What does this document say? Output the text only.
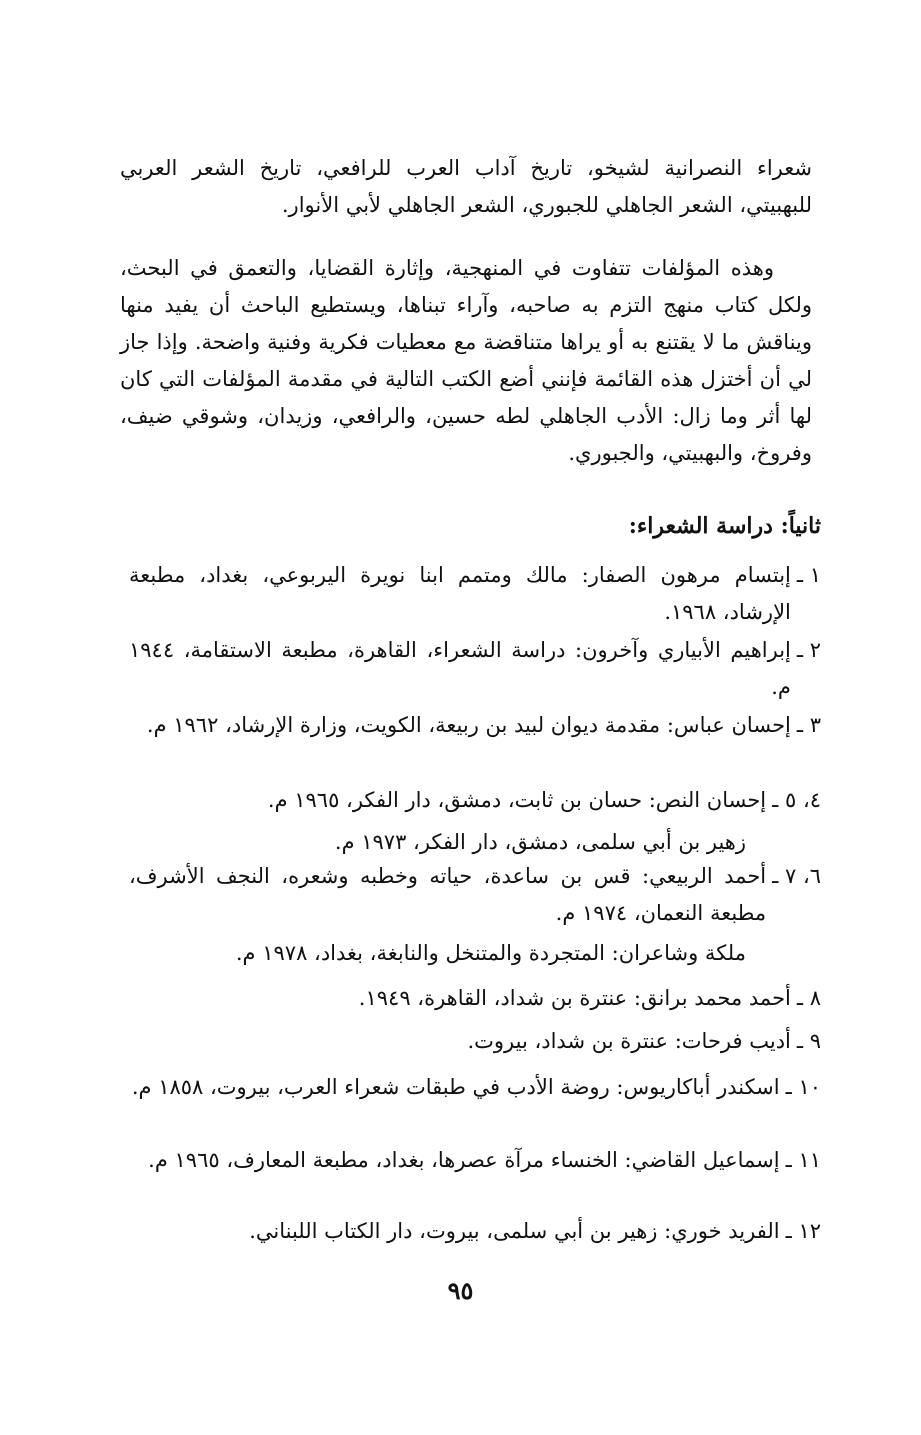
شعراء النصرانية لشيخو، تاريخ آداب العرب للرافعي، تاريخ الشعر العربي للبهبيتي، الشعر الجاهلي للجبوري، الشعر الجاهلي لأبي الأنوار.

وهذه المؤلفات تتفاوت في المنهجية، وإثارة القضايا، والتعمق في البحث، ولكل كتاب منهج التزم به صاحبه، وآراء تبناها، ويستطيع الباحث أن يفيد منها ويناقش ما لا يقتنع به أو يراها متناقضة مع معطيات فكرية وفنية واضحة. وإذا جاز لي أن أختزل هذه القائمة فإنني أضع الكتب التالية في مقدمة المؤلفات التي كان لها أثر وما زال: الأدب الجاهلي لطه حسين، والرافعي، وزيدان، وشوقي ضيف، وفروخ، والبهبيتي، والجبوري.

ثانياً: دراسة الشعراء:

١ ـ
إبتسام مرهون الصفار: مالك ومتمم ابنا نويرة اليربوعي، بغداد، مطبعة الإرشاد، ١٩٦٨.
٢ ـ
إبراهيم الأبياري وآخرون: دراسة الشعراء، القاهرة، مطبعة الاستقامة، ١٩٤٤ م.
٣ ـ
إحسان عباس: مقدمة ديوان لبيد بن ربيعة، الكويت، وزارة الإرشاد، ١٩٦٢ م.
٤، ٥ ـ
إحسان النص: حسان بن ثابت، دمشق، دار الفكر، ١٩٦٥ م.
زهير بن أبي سلمى، دمشق، دار الفكر، ١٩٧٣ م.
٦، ٧ ـ
أحمد الربيعي: قس بن ساعدة، حياته وخطبه وشعره، النجف الأشرف، مطبعة النعمان، ١٩٧٤ م.
ملكة وشاعران: المتجردة والمتنخل والنابغة، بغداد، ١٩٧٨ م.
٨ ـ
أحمد محمد برانق: عنترة بن شداد، القاهرة، ١٩٤٩.
٩ ـ
أديب فرحات: عنترة بن شداد، بيروت.
١٠ ـ
اسكندر أباكاريوس: روضة الأدب في طبقات شعراء العرب، بيروت، ١٨٥٨ م.
١١ ـ
إسماعيل القاضي: الخنساء مرآة عصرها، بغداد، مطبعة المعارف، ١٩٦٥ م.
١٢ ـ
الفريد خوري: زهير بن أبي سلمى، بيروت، دار الكتاب اللبناني.
٩٥
